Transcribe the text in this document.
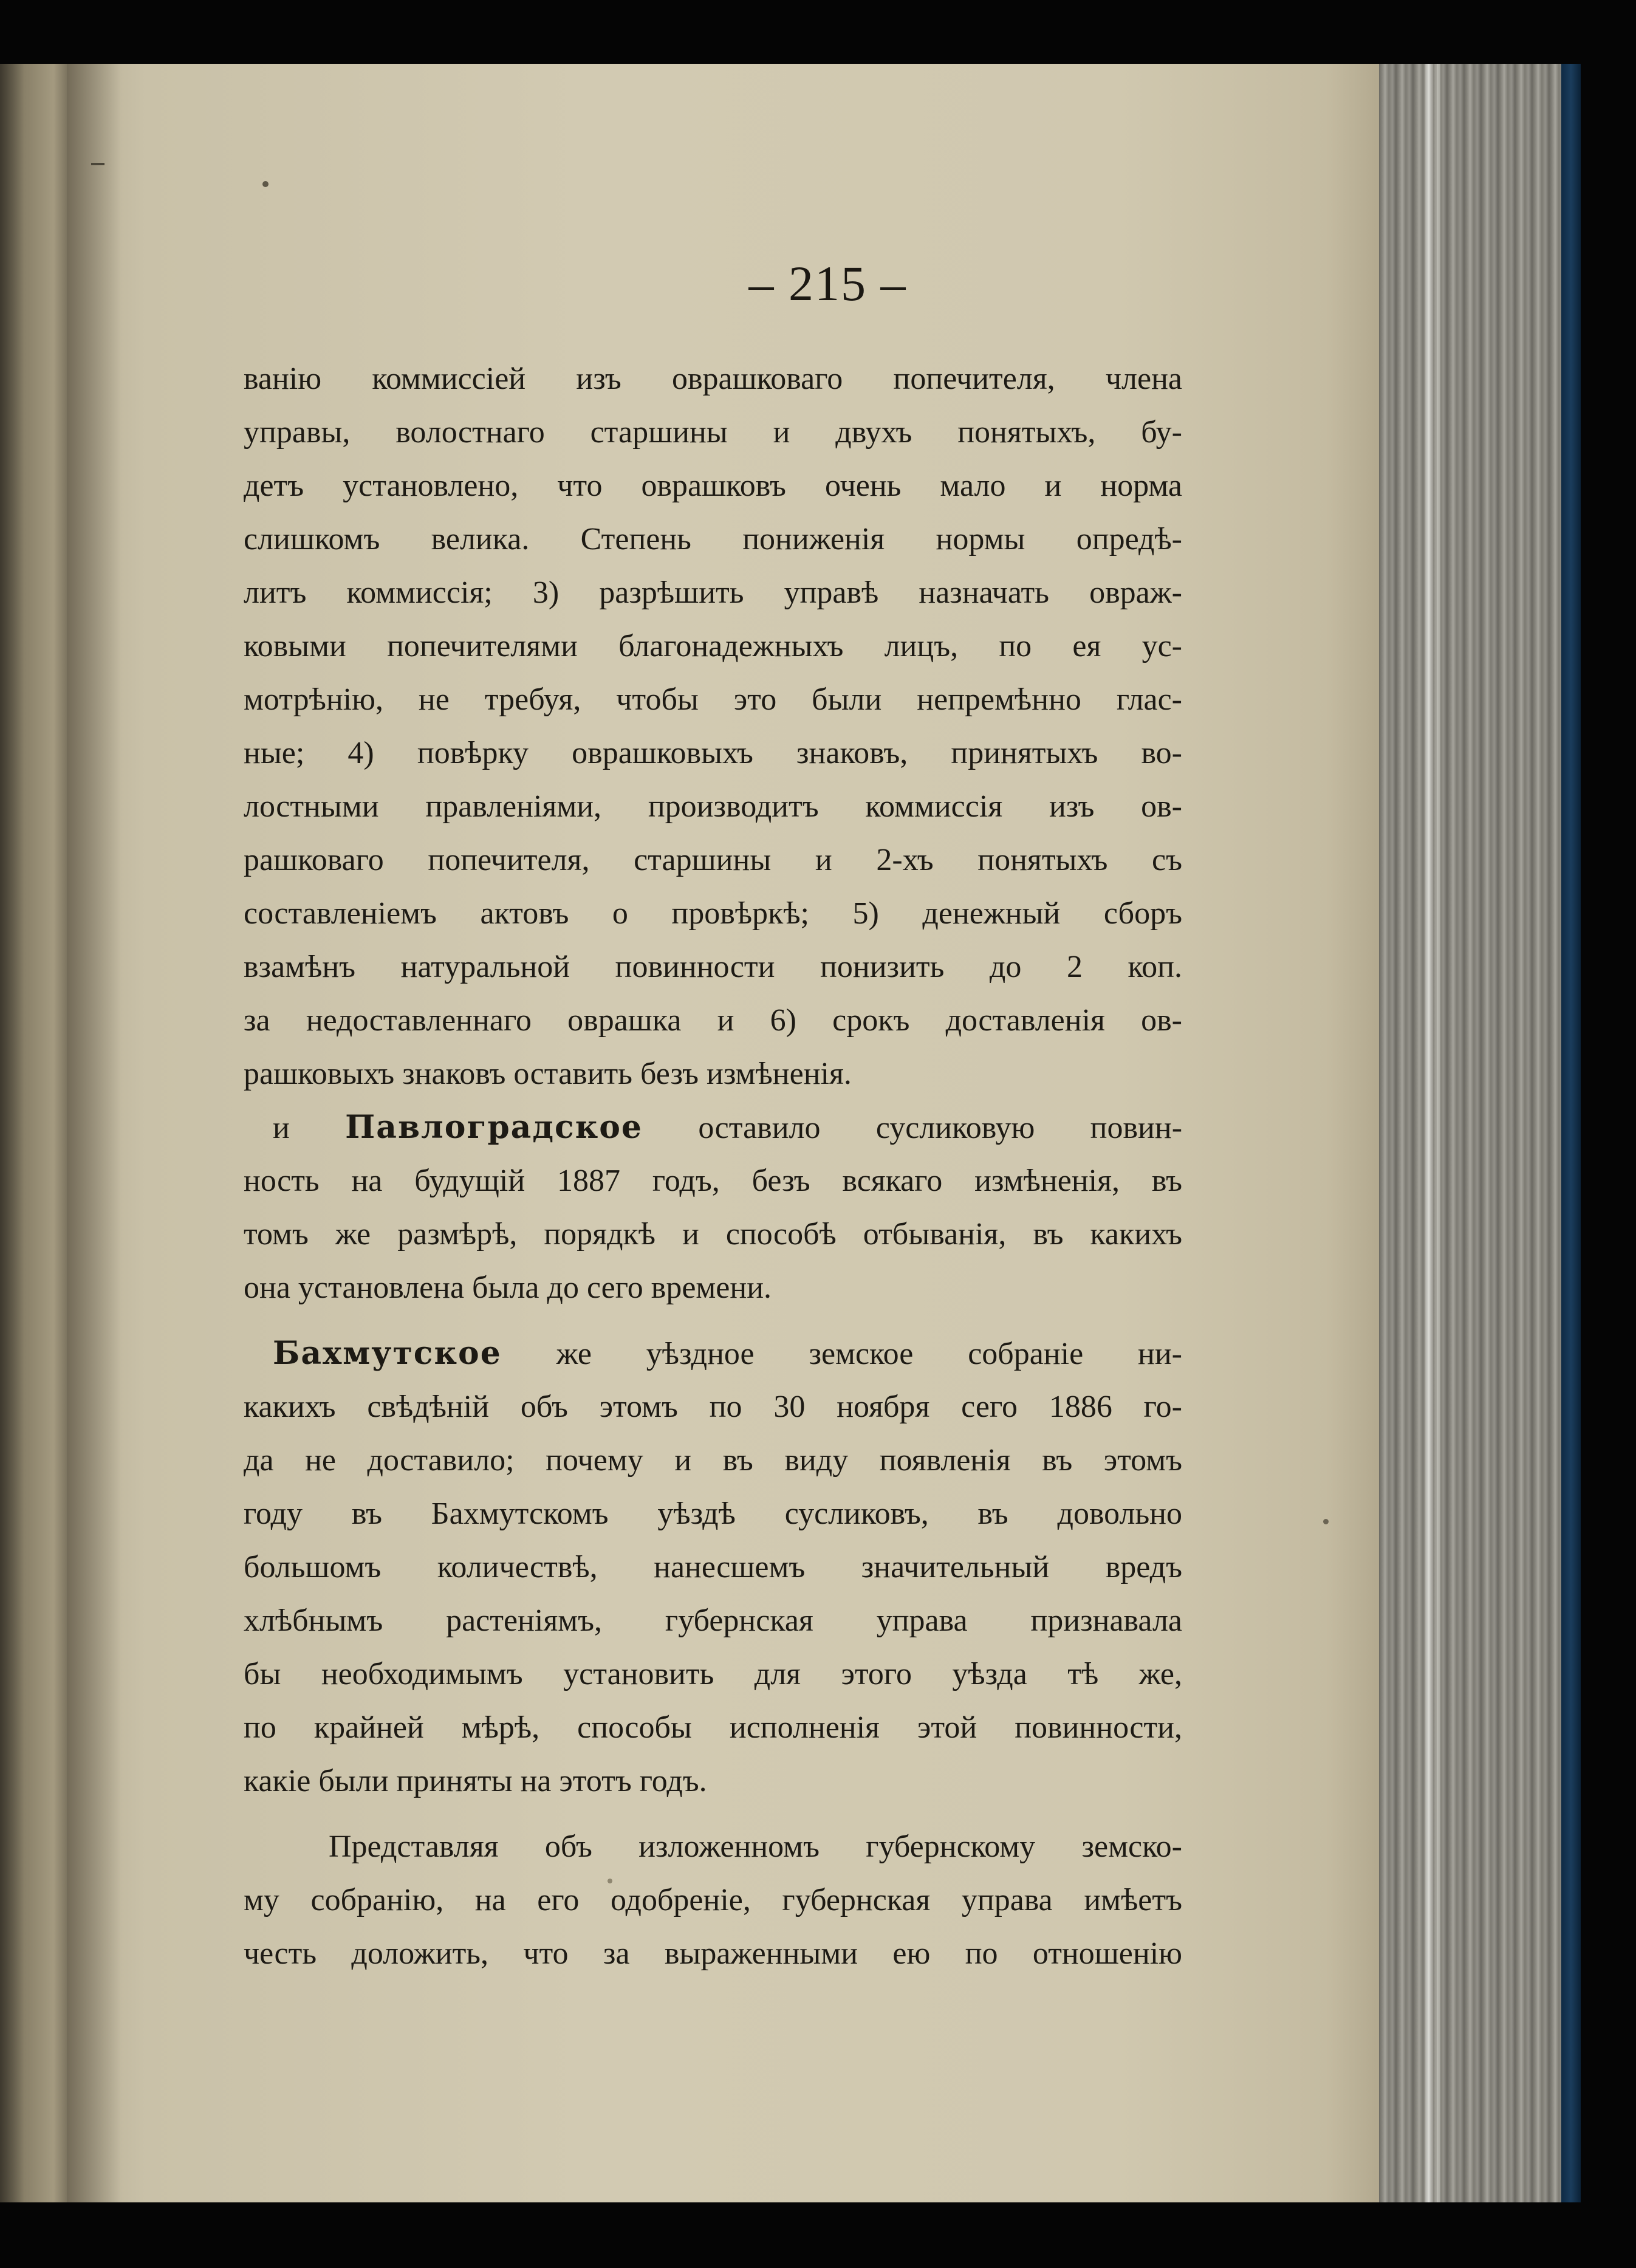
– 215 –
ванію коммиссіей изъ оврашковаго попечителя, члена
управы, волостнаго старшины и двухъ понятыхъ, бу-
детъ установлено, что оврашковъ очень мало и норма
слишкомъ велика. Степень пониженія нормы опредѣ-
литъ коммиссія; 3) разрѣшить управѣ назначать овраж-
ковыми попечителями благонадежныхъ лицъ, по ея ус-
мотрѣнію, не требуя, чтобы это были непремѣнно глас-
ные; 4) повѣрку оврашковыхъ знаковъ, принятыхъ во-
лостными правленіями, производитъ коммиссія изъ ов-
рашковаго попечителя, старшины и 2-хъ понятыхъ съ
составленіемъ актовъ о провѣркѣ; 5) денежный сборъ
взамѣнъ натуральной повинности понизить до 2 коп.
за недоставленнаго оврашка и 6) срокъ доставленія ов-
рашковыхъ знаковъ оставить безъ измѣненія.
и Павлоградское оставило сусликовую повин-
ность на будущій 1887 годъ, безъ всякаго измѣненія, въ
томъ же размѣрѣ, порядкѣ и способѣ отбыванія, въ какихъ
она установлена была до сего времени.
Бахмутское же уѣздное земское собраніе ни-
какихъ свѣдѣній объ этомъ по 30 ноября сего 1886 го-
да не доставило; почему и въ виду появленія въ этомъ
году въ Бахмутскомъ уѣздѣ сусликовъ, въ довольно
большомъ количествѣ, нанесшемъ значительный вредъ
хлѣбнымъ растеніямъ, губернская управа признавала
бы необходимымъ установить для этого уѣзда тѣ же,
по крайней мѣрѣ, способы исполненія этой повинности,
какіе были приняты на этотъ годъ.
Представляя объ изложенномъ губернскому земско-
му собранію, на его одобреніе, губернская управа имѣетъ
честь доложить, что за выраженными ею по отношенію
